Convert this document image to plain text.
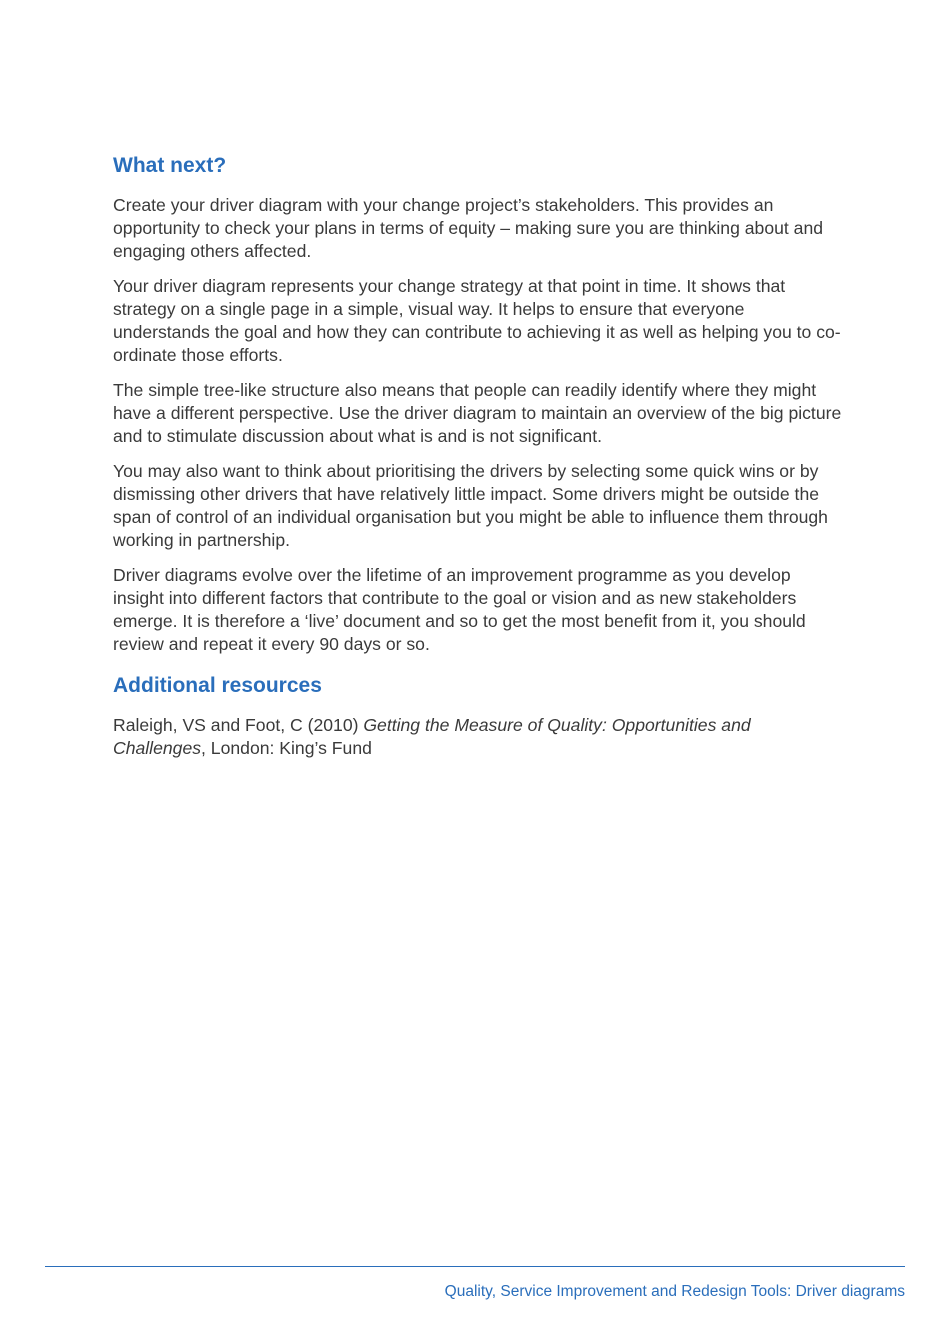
What next?

Create your driver diagram with your change project’s stakeholders. This provides an opportunity to check your plans in terms of equity – making sure you are thinking about and engaging others affected.

Your driver diagram represents your change strategy at that point in time. It shows that strategy on a single page in a simple, visual way. It helps to ensure that everyone understands the goal and how they can contribute to achieving it as well as helping you to co-ordinate those efforts.

The simple tree-like structure also means that people can readily identify where they might have a different perspective. Use the driver diagram to maintain an overview of the big picture and to stimulate discussion about what is and is not significant.

You may also want to think about prioritising the drivers by selecting some quick wins or by dismissing other drivers that have relatively little impact. Some drivers might be outside the span of control of an individual organisation but you might be able to influence them through working in partnership.

Driver diagrams evolve over the lifetime of an improvement programme as you develop insight into different factors that contribute to the goal or vision and as new stakeholders emerge. It is therefore a ‘live’ document and so to get the most benefit from it, you should review and repeat it every 90 days or so.

Additional resources

Raleigh, VS and Foot, C (2010) Getting the Measure of Quality: Opportunities and Challenges, London: King’s Fund

Quality, Service Improvement and Redesign Tools: Driver diagrams
